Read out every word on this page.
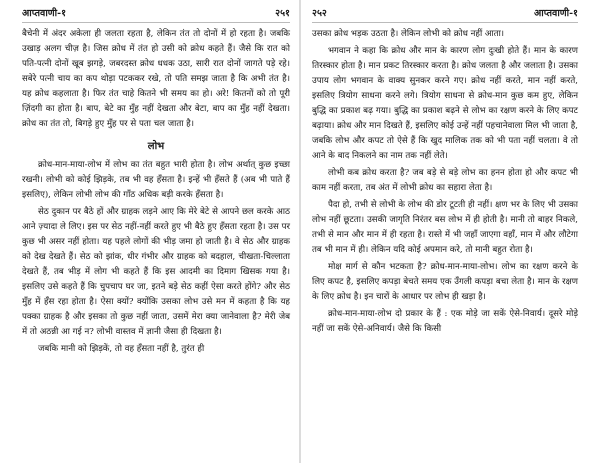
आप्तवाणी-१	२५१

बैचेनी में अंदर अकेला ही जलता रहता है, लेकिन तंत तो दोनों में हो रहता है। जबकि उखाड़ अलग चीज़ है। जिस क्रोध में तंत हो उसी को क्रोध कहते हैं। जैसे कि रात को पति-पत्नी दोनों खूब झगड़े, जबरदस्त क्रोध धधक उठा, सारी रात दोनों जागते पड़े रहे। सबेरे पत्नी चाय का कप थोड़ा पटककर रखे, तो पति समझ जाता है कि अभी तंत है। यह क्रोध कहलाता है। फिर तंत चाहे कितने भी समय का हो। अरे! कितनों को तो पूरी ज़िंदगी का होता है। बाप, बेटे का मुँह नहीं देखता और बेटा, बाप का मुँह नहीं देखता। क्रोध का तंत तो, बिगड़े हुए मुँह पर से पता चल जाता है।

लोभ

क्रोध-मान-माया-लोभ में लोभ का तंत बहुत भारी होता है। लोभ अर्थात् कुछ इच्छा रखनी। लोभी को कोई झिड़के, तब भी वह हँसता है। इन्हें भी हँसते हैं (अब भी पाते हैं इसलिए), लेकिन लोभी लोभ की गाँठ अधिक बड़ी करके हँसता है।

सेठ दुकान पर बैठे हों और ग्राहक लड़ने आए कि मेरे बेटे से आपने छल करके आठ आने ज़्यादा ले लिए। इस पर सेठ नहीं-नहीं करते हुए भी बैठे हुए हँसता रहता है। उस पर कुछ भी असर नहीं होता। यह पहले लोगों की भीड़ जमा हो जाती है। वे सेठ और ग्राहक को देख देखते हैं। सेठ को झांक, धीर गंभीर और ग्राहक को बदहाल, चीखता-चिल्लाता देखते हैं, तब भीड़ में लोग भी कहते हैं कि इस आदमी का दिमाग खिसक गया है। इसलिए उसे कहते हैं कि चुपचाप घर जा, इतने बड़े सेठ कहीं ऐसा करते होंगे? और सेठ मुँह में हँस रहा होता है। ऐसा क्यों? क्योंकि उसका लोभ उसे मन में कहता है कि यह पक्का ग्राहक है और इसका तो कुछ नहीं जाता, उसमें मेरा क्या जानेवाला है? मेरी जेब में तो अठन्नी आ गई न? लोभी वास्तव में ज्ञानी जैसा ही दिखता है।

जबकि मानी को झिड़कें, तो वह हँसता नहीं है, तुरंत ही

२५२	आप्तवाणी-१

उसका क्रोध भड़क उठता है। लेकिन लोभी को क्रोध नहीं आता।

भगवान ने कहा कि क्रोध और मान के कारण लोग दुःखी होते हैं। मान के कारण तिरस्कार होता है। मान प्रकट तिरस्कार करता है। क्रोध जलता है और जलाता है। उसका उपाय लोग भगवान के वाक्य सुनकर करने गए। क्रोध नहीं करते, मान नहीं करते, इसलिए त्रियोग साधना करने लगे। त्रियोग साधना से क्रोध-मान कुछ कम हुए, लेकिन बुद्धि का प्रकाश बढ़ गया। बुद्धि का प्रकाश बढ़ने से लोभ का रक्षण करने के लिए कपट बढ़ाया। क्रोध और मान दिखते हैं, इसलिए कोई उन्हें नहीं पहचानेवाला मिल भी जाता है, जबकि लोभ और कपट तो ऐसे हैं कि खुद मालिक तक को भी पता नहीं चलता। वे तो आने के बाद निकलने का नाम तक नहीं लेते।

लोभी कब क्रोध करता है? जब बड़े से बड़े लोभ का हनन होता हो और कपट भी काम नहीं करता, तब अंत में लोभी क्रोध का सहारा लेता है।

पैदा हो, तभी से लोभी के लोभ की डोर टूटती ही नहीं। क्षण भर के लिए भी उसका लोभ नहीं छूटता। उसकी जागृति निरंतर बस लोभ में ही होती है। मानी तो बाहर निकले, तभी से मान और मान में ही रहता है। रास्ते में भी जहाँ जाएगा वहाँ, मान में और लौटेगा तब भी मान में ही। लेकिन यदि कोई अपमान करे, तो मानी बहुत रोता है।

मोक्ष मार्ग से कौन भटकता है? क्रोध-मान-माया-लोभ। लोभ का रक्षण करने के लिए कपट है, इसलिए कपड़ा बेचते समय एक उँगली कपड़ा बचा लेता है। मान के रक्षण के लिए क्रोध है। इन चारों के आधार पर लोभ ही खड़ा है।

क्रोध-मान-माया-लोभ दो प्रकार के हैं : एक मोड़े जा सकें ऐसे-निवार्य। दूसरे मोड़े नहीं जा सकें ऐसे-अनिवार्य। जैसे कि किसी
